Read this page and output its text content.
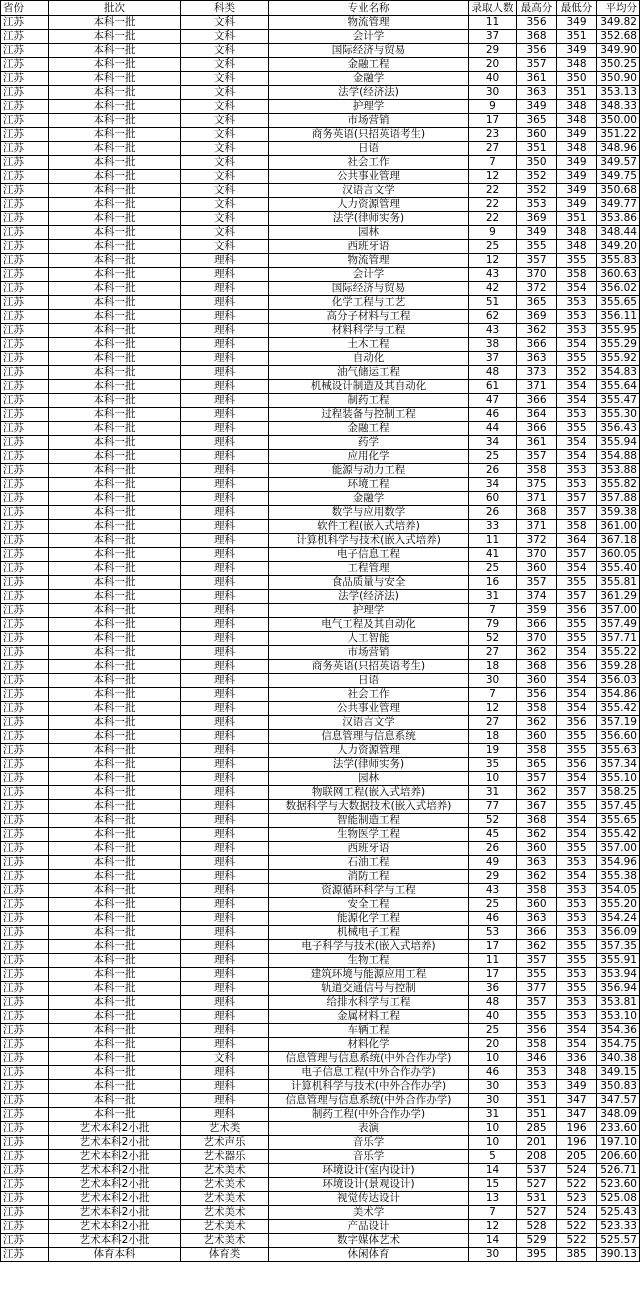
省份	批次	科类	专业名称	录取人数	最高分	最低分	平均分
江苏	本科一批	文科	物流管理	11	356	349	349.82
江苏	本科一批	文科	会计学	37	368	351	352.68
江苏	本科一批	文科	国际经济与贸易	29	356	349	349.90
江苏	本科一批	文科	金融工程	20	357	348	350.25
江苏	本科一批	文科	金融学	40	361	350	350.90
江苏	本科一批	文科	法学(经济法)	30	363	351	353.13
江苏	本科一批	文科	护理学	9	349	348	348.33
江苏	本科一批	文科	市场营销	17	365	348	350.00
江苏	本科一批	文科	商务英语(只招英语考生)	23	360	349	351.22
江苏	本科一批	文科	日语	27	351	348	348.96
江苏	本科一批	文科	社会工作	7	350	349	349.57
江苏	本科一批	文科	公共事业管理	12	352	349	349.75
江苏	本科一批	文科	汉语言文学	22	352	349	350.68
江苏	本科一批	文科	人力资源管理	22	353	349	349.77
江苏	本科一批	文科	法学(律师实务)	22	369	351	353.86
江苏	本科一批	文科	园林	9	349	348	348.44
江苏	本科一批	文科	西班牙语	25	355	348	349.20
江苏	本科一批	理科	物流管理	12	357	355	355.83
江苏	本科一批	理科	会计学	43	370	358	360.63
江苏	本科一批	理科	国际经济与贸易	42	372	354	356.02
江苏	本科一批	理科	化学工程与工艺	51	365	353	355.65
江苏	本科一批	理科	高分子材料与工程	62	369	353	356.11
江苏	本科一批	理科	材料科学与工程	43	362	353	355.95
江苏	本科一批	理科	土木工程	38	366	354	355.29
江苏	本科一批	理科	自动化	37	363	355	355.92
江苏	本科一批	理科	油气储运工程	48	373	352	354.83
江苏	本科一批	理科	机械设计制造及其自动化	61	371	354	355.64
江苏	本科一批	理科	制药工程	47	366	354	355.47
江苏	本科一批	理科	过程装备与控制工程	46	364	353	355.30
江苏	本科一批	理科	金融工程	44	366	355	356.43
江苏	本科一批	理科	药学	34	361	354	355.94
江苏	本科一批	理科	应用化学	25	357	354	354.88
江苏	本科一批	理科	能源与动力工程	26	358	353	353.88
江苏	本科一批	理科	环境工程	34	375	353	355.82
江苏	本科一批	理科	金融学	60	371	357	357.88
江苏	本科一批	理科	数学与应用数学	26	368	357	359.38
江苏	本科一批	理科	软件工程(嵌入式培养)	33	371	358	361.00
江苏	本科一批	理科	计算机科学与技术(嵌入式培养)	11	372	364	367.18
江苏	本科一批	理科	电子信息工程	41	370	357	360.05
江苏	本科一批	理科	工程管理	25	360	354	355.40
江苏	本科一批	理科	食品质量与安全	16	357	355	355.81
江苏	本科一批	理科	法学(经济法)	31	374	357	361.29
江苏	本科一批	理科	护理学	7	359	356	357.00
江苏	本科一批	理科	电气工程及其自动化	79	366	355	357.49
江苏	本科一批	理科	人工智能	52	370	355	357.71
江苏	本科一批	理科	市场营销	27	362	354	355.22
江苏	本科一批	理科	商务英语(只招英语考生)	18	368	356	359.28
江苏	本科一批	理科	日语	30	360	354	356.03
江苏	本科一批	理科	社会工作	7	356	354	354.86
江苏	本科一批	理科	公共事业管理	12	358	354	355.42
江苏	本科一批	理科	汉语言文学	27	362	356	357.19
江苏	本科一批	理科	信息管理与信息系统	18	360	355	356.60
江苏	本科一批	理科	人力资源管理	19	358	355	355.63
江苏	本科一批	理科	法学(律师实务)	35	365	356	357.34
江苏	本科一批	理科	园林	10	357	354	355.10
江苏	本科一批	理科	物联网工程(嵌入式培养)	31	362	357	358.25
江苏	本科一批	理科	数据科学与大数据技术(嵌入式培养)	77	367	355	357.45
江苏	本科一批	理科	智能制造工程	52	368	354	355.65
江苏	本科一批	理科	生物医学工程	45	362	354	355.42
江苏	本科一批	理科	西班牙语	26	360	355	357.00
江苏	本科一批	理科	石油工程	49	363	353	354.96
江苏	本科一批	理科	消防工程	29	362	354	355.38
江苏	本科一批	理科	资源循环科学与工程	43	358	353	354.05
江苏	本科一批	理科	安全工程	25	360	353	355.20
江苏	本科一批	理科	能源化学工程	46	363	353	354.24
江苏	本科一批	理科	机械电子工程	53	366	353	356.09
江苏	本科一批	理科	电子科学与技术(嵌入式培养)	17	362	355	357.35
江苏	本科一批	理科	生物工程	11	357	355	355.91
江苏	本科一批	理科	建筑环境与能源应用工程	17	355	353	353.94
江苏	本科一批	理科	轨道交通信号与控制	36	377	355	356.94
江苏	本科一批	理科	给排水科学与工程	48	357	353	353.81
江苏	本科一批	理科	金属材料工程	40	355	353	353.10
江苏	本科一批	理科	车辆工程	25	356	354	354.36
江苏	本科一批	理科	材料化学	20	358	354	354.75
江苏	本科一批	文科	信息管理与信息系统(中外合作办学)	10	346	336	340.38
江苏	本科一批	理科	电子信息工程(中外合作办学)	46	353	348	349.15
江苏	本科一批	理科	计算机科学与技术(中外合作办学)	30	353	349	350.83
江苏	本科一批	理科	信息管理与信息系统(中外合作办学)	30	351	347	347.57
江苏	本科一批	理科	制药工程(中外合作办学)	31	351	347	348.09
江苏	艺术本科2小批	艺术类	表演	10	285	196	233.60
江苏	艺术本科2小批	艺术声乐	音乐学	10	201	196	197.10
江苏	艺术本科2小批	艺术器乐	音乐学	5	208	205	206.60
江苏	艺术本科2小批	艺术美术	环境设计(室内设计)	14	537	524	526.71
江苏	艺术本科2小批	艺术美术	环境设计(景观设计)	15	527	522	523.60
江苏	艺术本科2小批	艺术美术	视觉传达设计	13	531	523	525.08
江苏	艺术本科2小批	艺术美术	美术学	7	527	524	525.43
江苏	艺术本科2小批	艺术美术	产品设计	12	528	522	523.33
江苏	艺术本科2小批	艺术美术	数字媒体艺术	14	529	522	525.57
江苏	体育本科	体育类	休闲体育	30	395	385	390.13
